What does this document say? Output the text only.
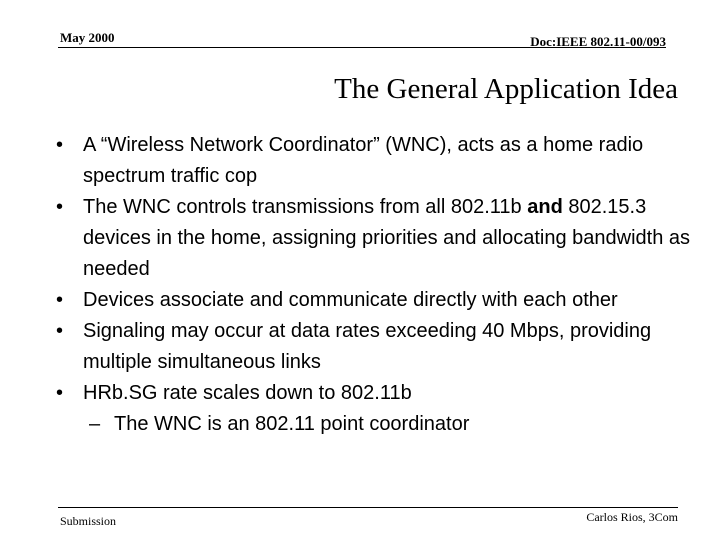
May 2000	Doc:IEEE 802.11-00/093
The General Application Idea
• A “Wireless Network Coordinator” (WNC), acts as a home radio spectrum traffic cop
• The WNC controls transmissions from all 802.11b and 802.15.3 devices in the home, assigning priorities and allocating bandwidth as needed
• Devices associate and communicate directly with each other
• Signaling may occur at data rates exceeding 40 Mbps, providing multiple simultaneous links
• HRb.SG rate scales down to 802.11b
– The WNC is an 802.11 point coordinator
Submission	Carlos Rios, 3Com
